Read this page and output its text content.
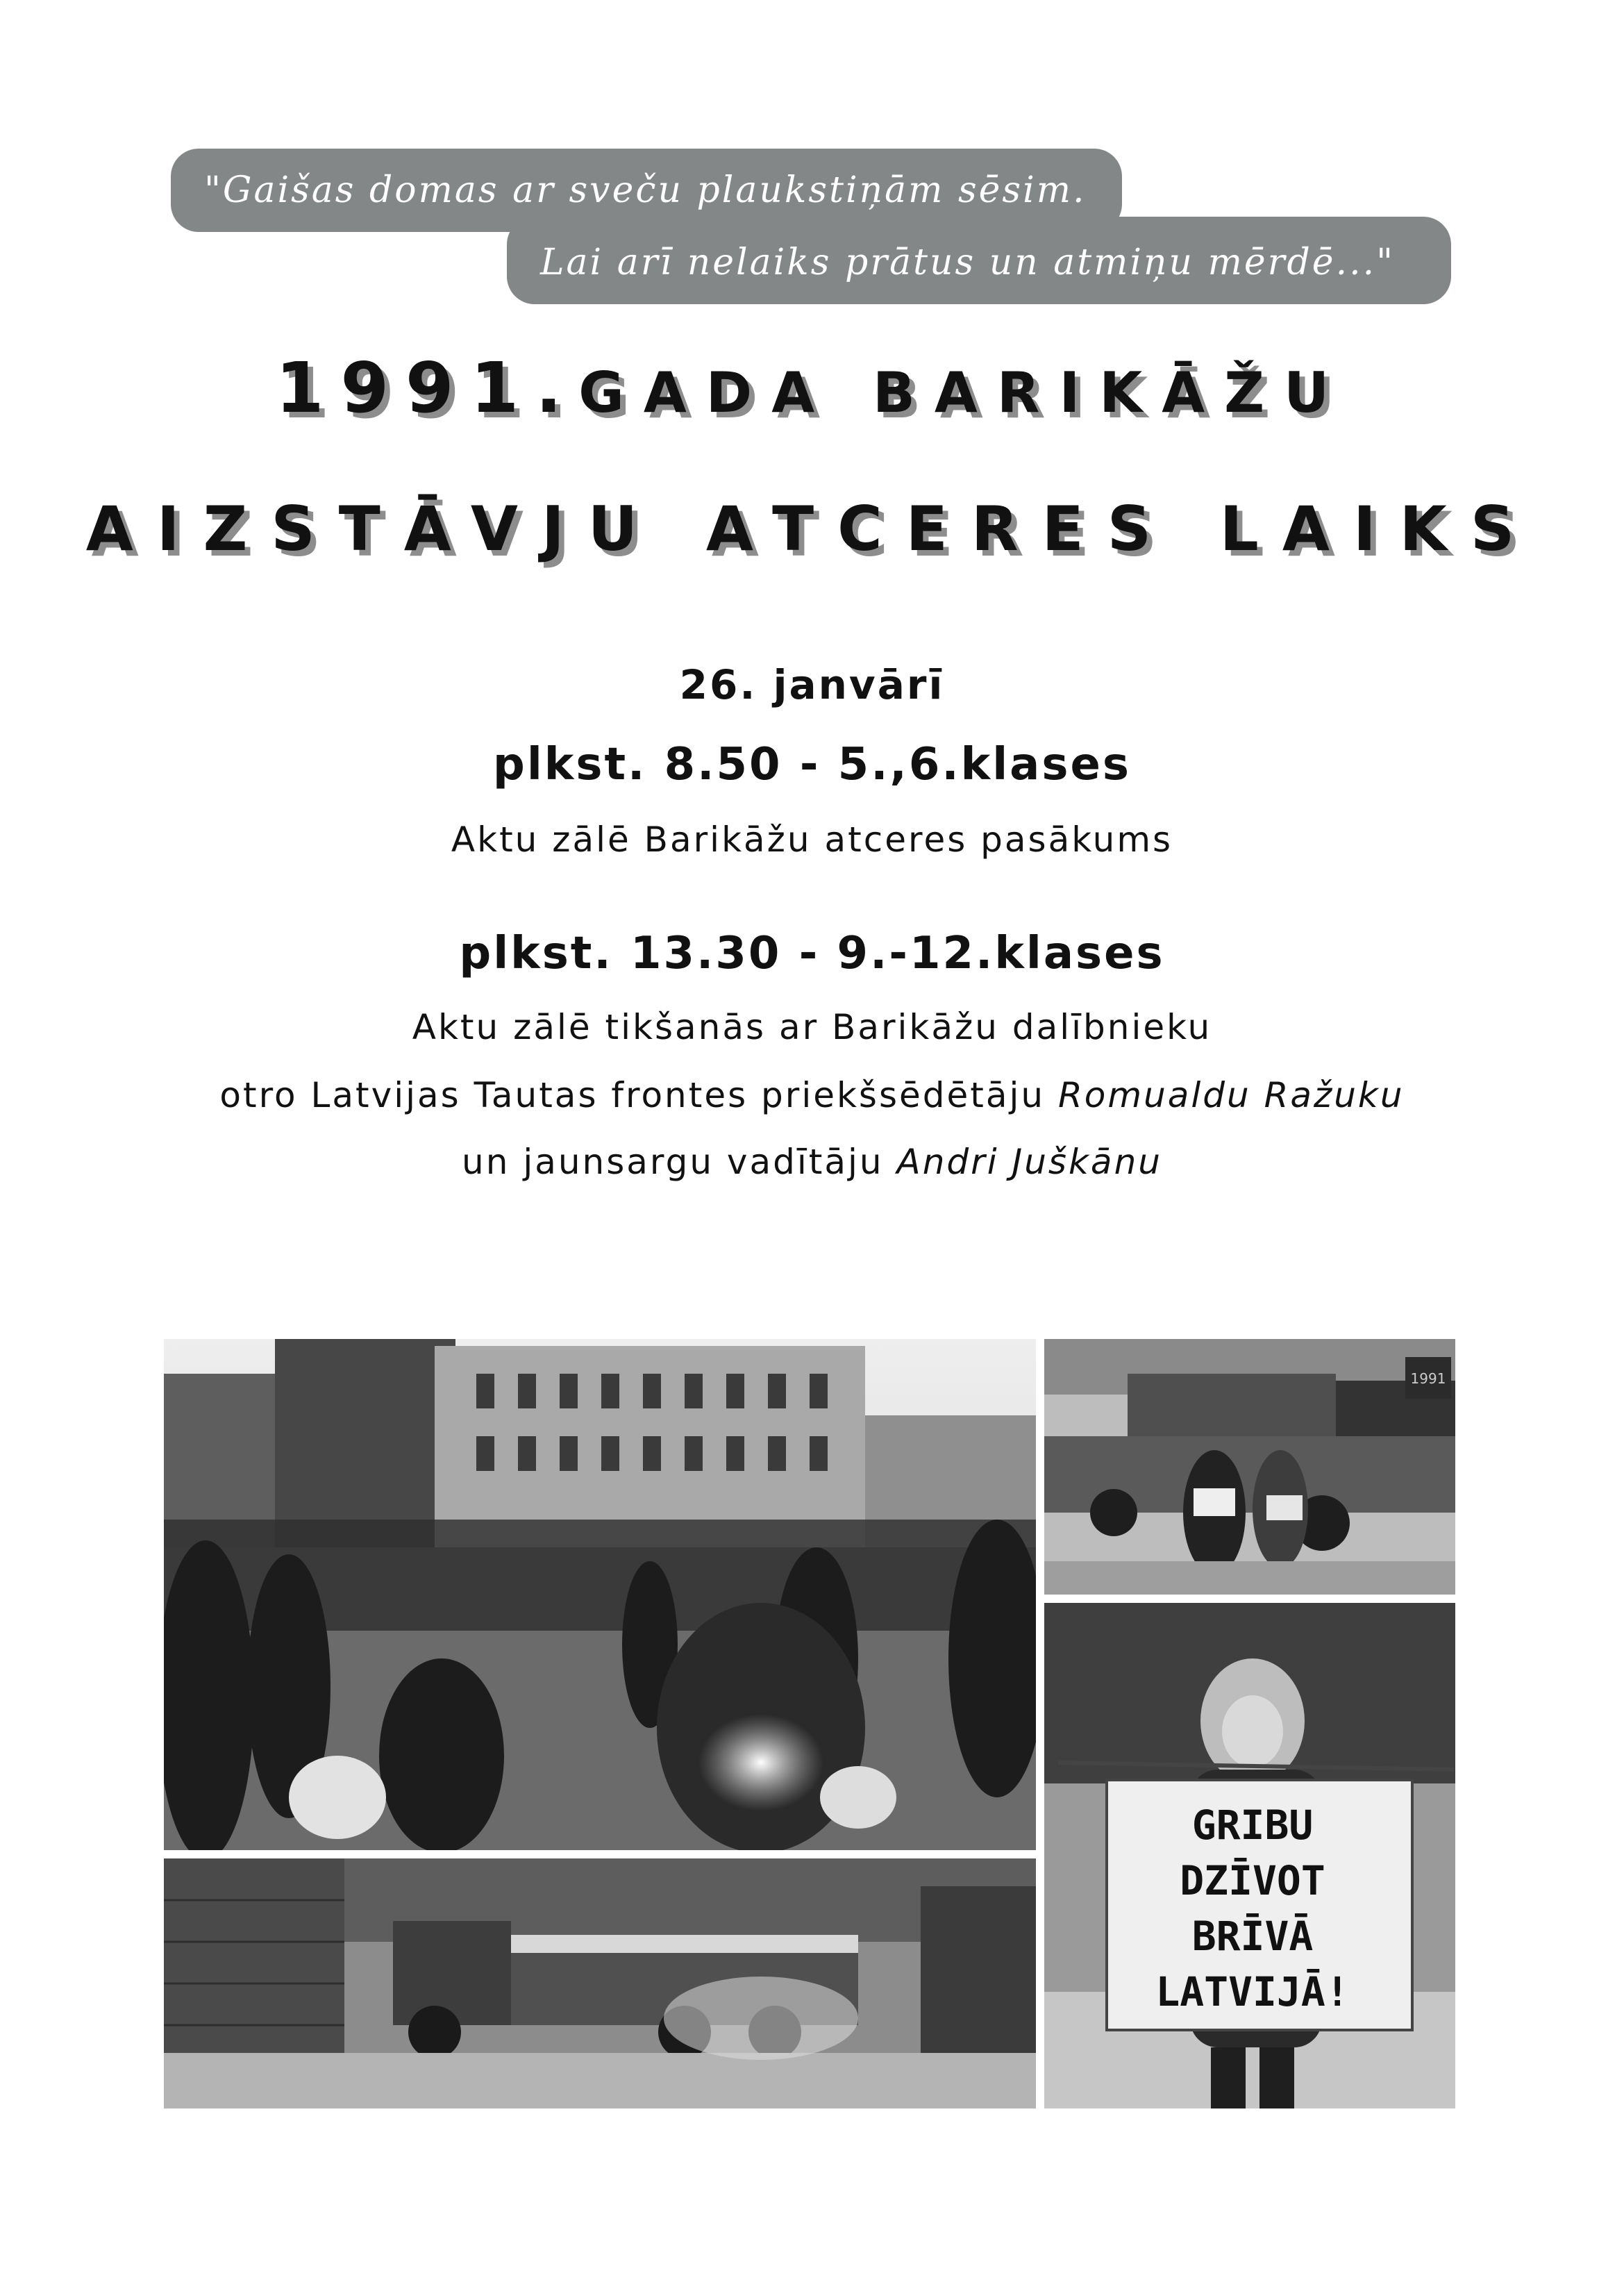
"Gaišas domas ar sveču plaukstiņām sēsim.
Lai arī nelaiks prātus un atmiņu mērdē..."
1991.GADA BARIKĀŽU
AIZSTĀVJU ATCERES LAIKS
26. janvārī
plkst. 8.50 - 5.,6.klases
Aktu zālē Barikāžu atceres pasākums
plkst. 13.30 - 9.-12.klases
Aktu zālē tikšanās ar Barikāžu dalībnieku
otro Latvijas Tautas frontes priekšsēdētāju Romualdu Ražuku
un jaunsargu vadītāju Andri Juškānu
1991
GRIBU
DZĪVOT
BRĪVĀ
LATVIJĀ!
